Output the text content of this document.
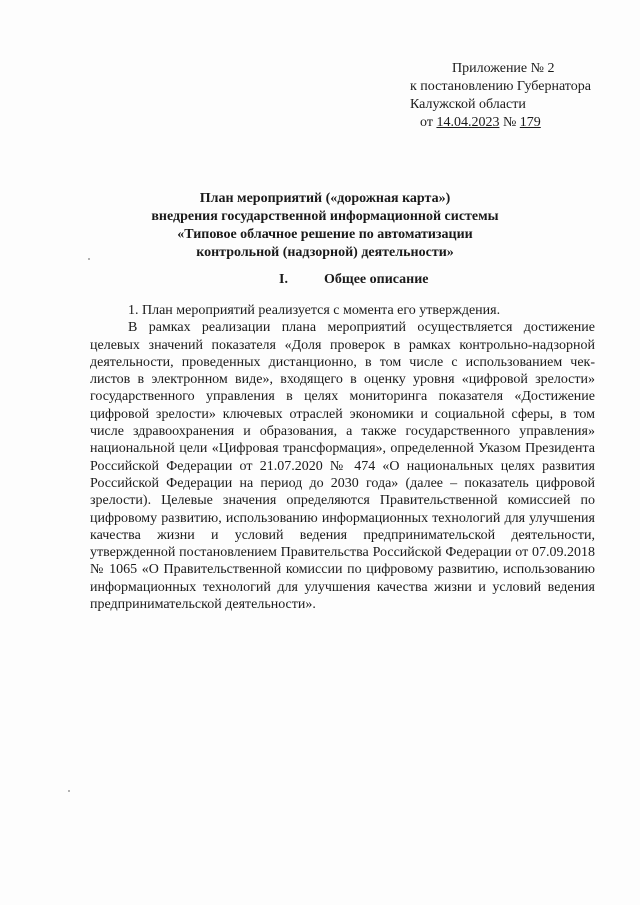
Приложение № 2
к постановлению Губернатора
Калужской области
от 14.04.2023 № 179
План мероприятий («дорожная карта»)
внедрения государственной информационной системы
«Типовое облачное решение по автоматизации
контрольной (надзорной) деятельности»
I.	Общее описание

1. План мероприятий реализуется с момента его утверждения.

В рамках реализации плана мероприятий осуществляется достижение целевых значений показателя «Доля проверок в рамках контрольно-надзорной деятельности, проведенных дистанционно, в том числе с использованием чек-листов в электронном виде», входящего в оценку уровня «цифровой зрелости» государственного управления в целях мониторинга показателя «Достижение цифровой зрелости» ключевых отраслей экономики и социальной сферы, в том числе здравоохранения и образования, а также государственного управления» национальной цели «Цифровая трансформация», определенной Указом Президента Российской Федерации от 21.07.2020 № 474 «О национальных целях развития Российской Федерации на период до 2030 года» (далее – показатель цифровой зрелости). Целевые значения определяются Правительственной комиссией по цифровому развитию, использованию информационных технологий для улучшения качества жизни и условий ведения предпринимательской деятельности, утвержденной постановлением Правительства Российской Федерации от 07.09.2018 № 1065 «О Правительственной комиссии по цифровому развитию, использованию информационных технологий для улучшения качества жизни и условий ведения предпринимательской деятельности».
